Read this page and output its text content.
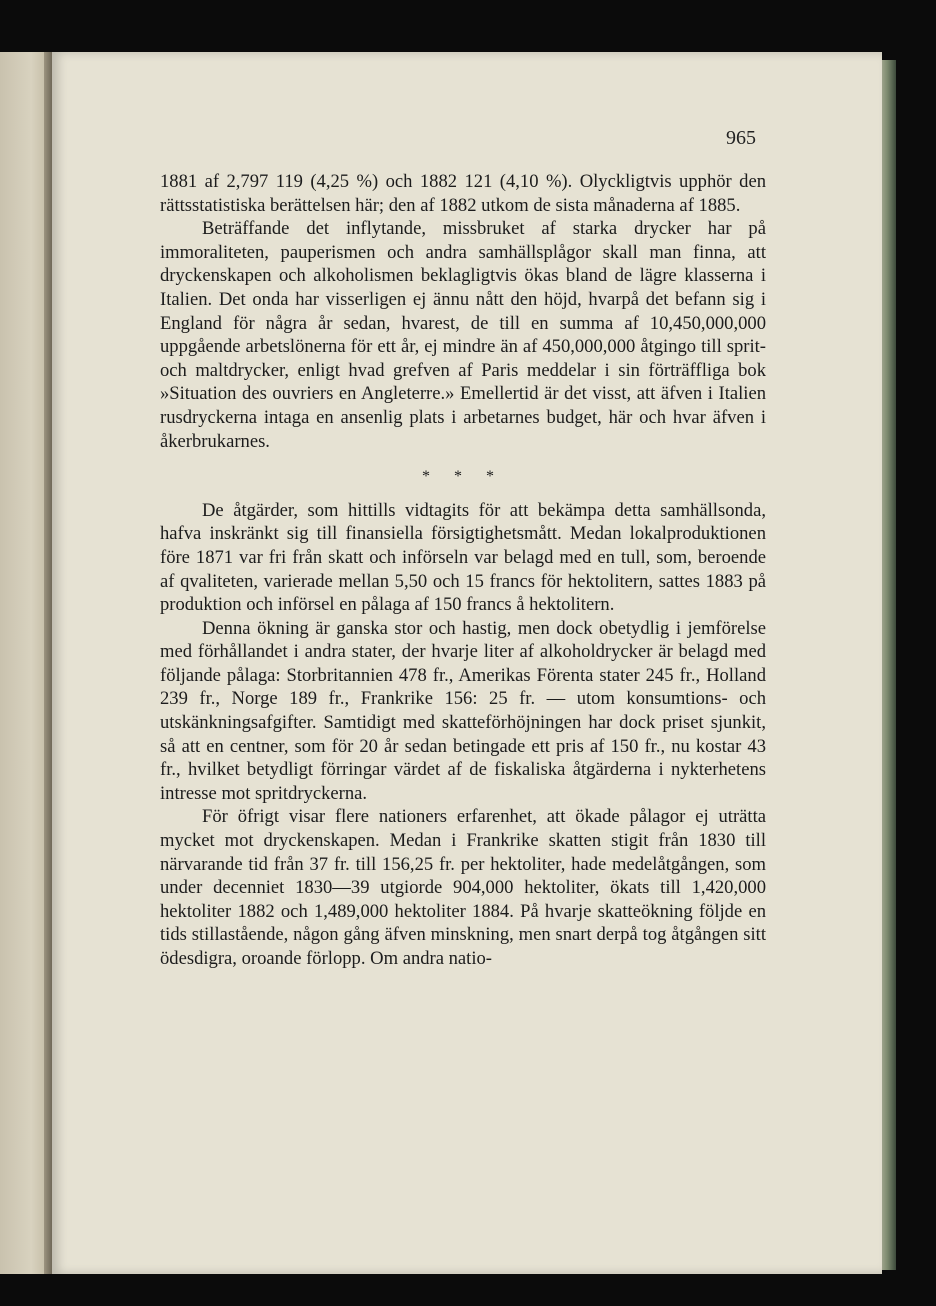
965

1881 af 2,797 119 (4,25 %) och 1882 121 (4,10 %). Olyckligtvis upphör den rättsstatistiska berättelsen här; den af 1882 utkom de sista månaderna af 1885.

Beträffande det inflytande, missbruket af starka drycker har på immoraliteten, pauperismen och andra samhällsplågor skall man finna, att dryckenskapen och alkoholismen beklagligtvis ökas bland de lägre klasserna i Italien. Det onda har visserligen ej ännu nått den höjd, hvarpå det befann sig i England för några år sedan, hvarest, de till en summa af 10,450,000,000 uppgående arbetslönerna för ett år, ej mindre än af 450,000,000 åtgingo till sprit- och maltdrycker, enligt hvad grefven af Paris meddelar i sin förträffliga bok »Situation des ouvriers en Angleterre.» Emellertid är det visst, att äfven i Italien rusdryckerna intaga en ansenlig plats i arbetarnes budget, här och hvar äfven i åkerbrukarnes.

* * *

De åtgärder, som hittills vidtagits för att bekämpa detta samhällsonda, hafva inskränkt sig till finansiella försigtighetsmått. Medan lokalproduktionen före 1871 var fri från skatt och införseln var belagd med en tull, som, beroende af qvaliteten, varierade mellan 5,50 och 15 francs för hektolitern, sattes 1883 på produktion och införsel en pålaga af 150 francs å hektolitern.

Denna ökning är ganska stor och hastig, men dock obetydlig i jemförelse med förhållandet i andra stater, der hvarje liter af alkoholdrycker är belagd med följande pålaga: Storbritannien 478 fr., Amerikas Förenta stater 245 fr., Holland 239 fr., Norge 189 fr., Frankrike 156: 25 fr. — utom konsumtions- och utskänkningsafgifter. Samtidigt med skatteförhöjningen har dock priset sjunkit, så att en centner, som för 20 år sedan betingade ett pris af 150 fr., nu kostar 43 fr., hvilket betydligt förringar värdet af de fiskaliska åtgärderna i nykterhetens intresse mot spritdryckerna.

För öfrigt visar flere nationers erfarenhet, att ökade pålagor ej uträtta mycket mot dryckenskapen. Medan i Frankrike skatten stigit från 1830 till närvarande tid från 37 fr. till 156,25 fr. per hektoliter, hade medelåtgången, som under decenniet 1830—39 utgiorde 904,000 hektoliter, ökats till 1,420,000 hektoliter 1882 och 1,489,000 hektoliter 1884. På hvarje skatteökning följde en tids stillastående, någon gång äfven minskning, men snart derpå tog åtgången sitt ödesdigra, oroande förlopp. Om andra natio-
